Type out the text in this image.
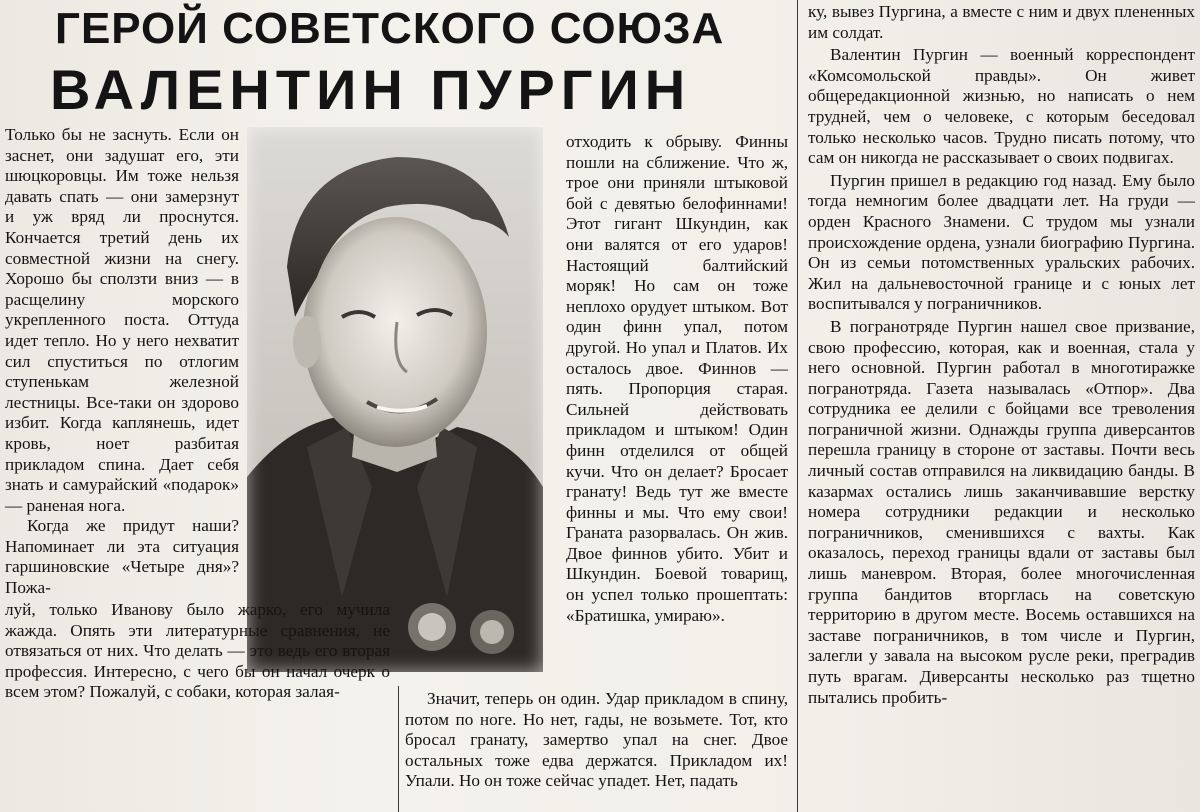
ГЕРОЙ СОВЕТСКОГО СОЮЗА
ВАЛЕНТИН ПУРГИН

Только бы не заснуть. Если он заснет, они задушат его, эти шюцкоровцы. Им тоже нельзя давать спать — они замерзнут и уж вряд ли проснутся. Кончается третий день их совместной жизни на снегу. Хорошо бы сползти вниз — в расщелину морского укрепленного поста. Оттуда идет тепло. Но у него нехватит сил спуститься по отлогим ступенькам железной лестницы. Все-таки он здорово избит. Когда каплянешь, идет кровь, ноет разбитая прикладом спина. Дает себя знать и самурайский «подарок» — раненая нога.

Когда же придут наши? Напоминает ли эта ситуация гаршиновские «Четыре дня»? Пожа-

отходить к обрыву. Финны пошли на сближение. Что ж, трое они приняли штыковой бой с девятью белофиннами! Этот гигант Шкундин, как они валятся от его ударов! Настоящий балтийский моряк! Но сам он тоже неплохо орудует штыком. Вот один финн упал, потом другой. Но упал и Платов. Их осталось двое. Финнов — пять. Пропорция старая. Сильней действовать прикладом и штыком! Один финн отделился от общей кучи. Что он делает? Бросает гранату! Ведь тут же вместе финны и мы. Что ему свои! Граната разорвалась. Он жив. Двое финнов убито. Убит и Шкундин. Боевой товарищ, он успел только прошептать: «Братишка, умираю».

луй, только Иванову было жарко, его мучила жажда. Опять эти литературные сравнения, не отвязаться от них. Что делать — это ведь его вторая профессия. Интересно, с чего бы он начал очерк о всем этом? Пожалуй, с собаки, которая залая-	Значит, теперь он один. Удар прикладом в спину, потом по ноге. Но нет, гады, не возьмете. Тот, кто бросал гранату, замертво упал на снег. Двое остальных тоже едва держатся. Прикладом их! Упали. Но он тоже сейчас упадет. Нет, падать

ку, вывез Пургина, а вместе с ним и двух плененных им солдат.

Валентин Пургин — военный корреспондент «Комсомольской правды». Он живет общередакционной жизнью, но написать о нем трудней, чем о человеке, с которым беседовал только несколько часов. Трудно писать потому, что сам он никогда не рассказывает о своих подвигах.

Пургин пришел в редакцию год назад. Ему было тогда немногим более двадцати лет. На груди — орден Красного Знамени. С трудом мы узнали происхождение ордена, узнали биографию Пургина. Он из семьи потомственных уральских рабочих. Жил на дальневосточной границе и с юных лет воспитывался у пограничников.

В погранотряде Пургин нашел свое призвание, свою профессию, которая, как и военная, стала у него основной. Пургин работал в многотиражке погранотряда. Газета называлась «Отпор». Два сотрудника ее делили с бойцами все треволения пограничной жизни. Однажды группа диверсантов перешла границу в стороне от заставы. Почти весь личный состав отправился на ликвидацию банды. В казармах остались лишь заканчивавшие верстку номера сотрудники редакции и несколько пограничников, сменившихся с вахты. Как оказалось, переход границы вдали от заставы был лишь маневром. Вторая, более многочисленная группа бандитов вторглась на советскую территорию в другом месте. Восемь оставшихся на заставе пограничников, в том числе и Пургин, залегли у завала на высоком русле реки, преградив путь врагам. Диверсанты несколько раз тщетно пытались пробить-
